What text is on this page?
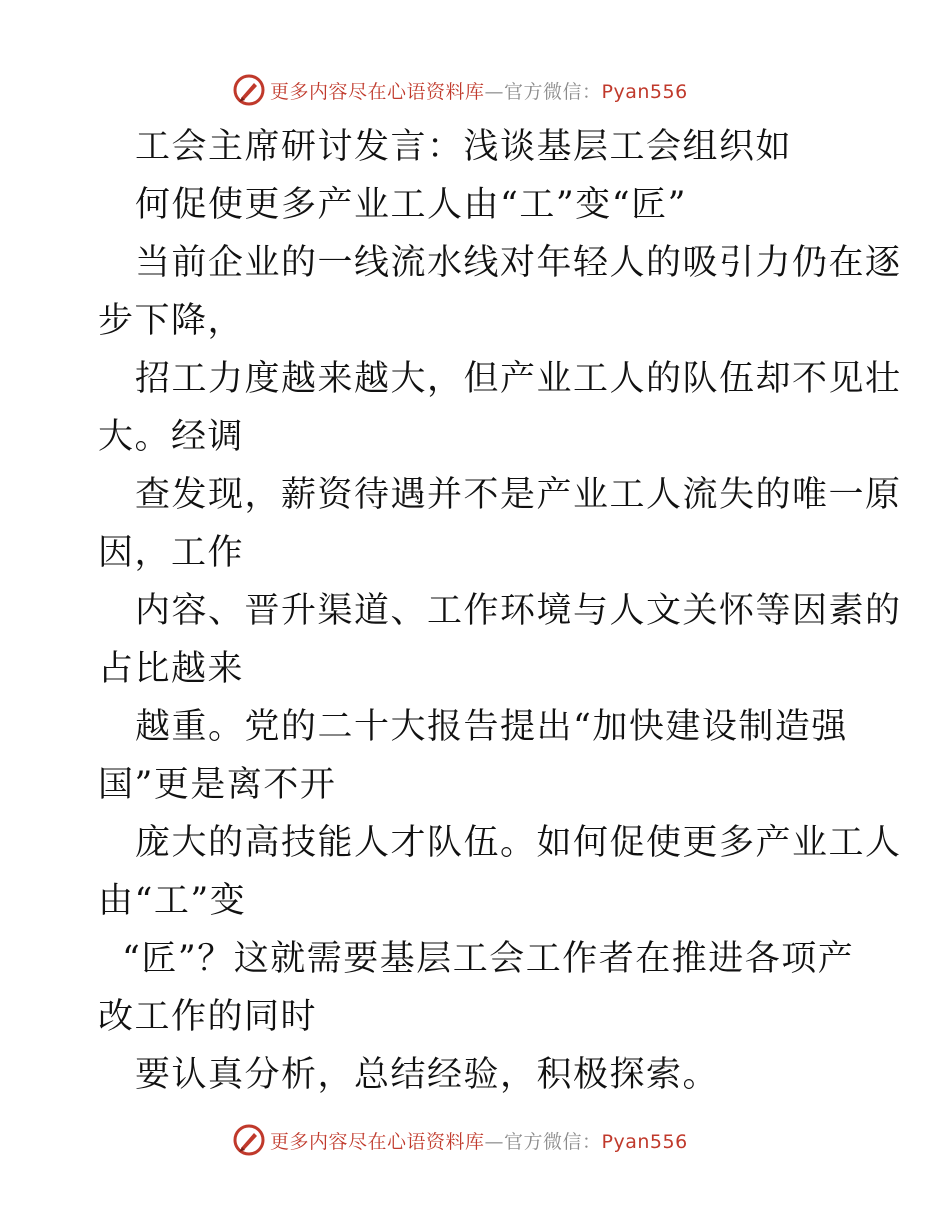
更多内容尽在心语资料库—官方微信：Pyan556
工会主席研讨发言：浅谈基层工会组织如
何促使更多产业工人由“工”变“匠”
当前企业的一线流水线对年轻人的吸引力仍在逐
步下降，
招工力度越来越大，但产业工人的队伍却不见壮
大。经调
查发现，薪资待遇并不是产业工人流失的唯一原
因，工作
内容、晋升渠道、工作环境与人文关怀等因素的
占比越来
越重。党的二十大报告提出“加快建设制造强
国”更是离不开
庞大的高技能人才队伍。如何促使更多产业工人
由“工”变
“匠”？这就需要基层工会工作者在推进各项产
改工作的同时
要认真分析，总结经验，积极探索。
更多内容尽在心语资料库—官方微信：Pyan556
